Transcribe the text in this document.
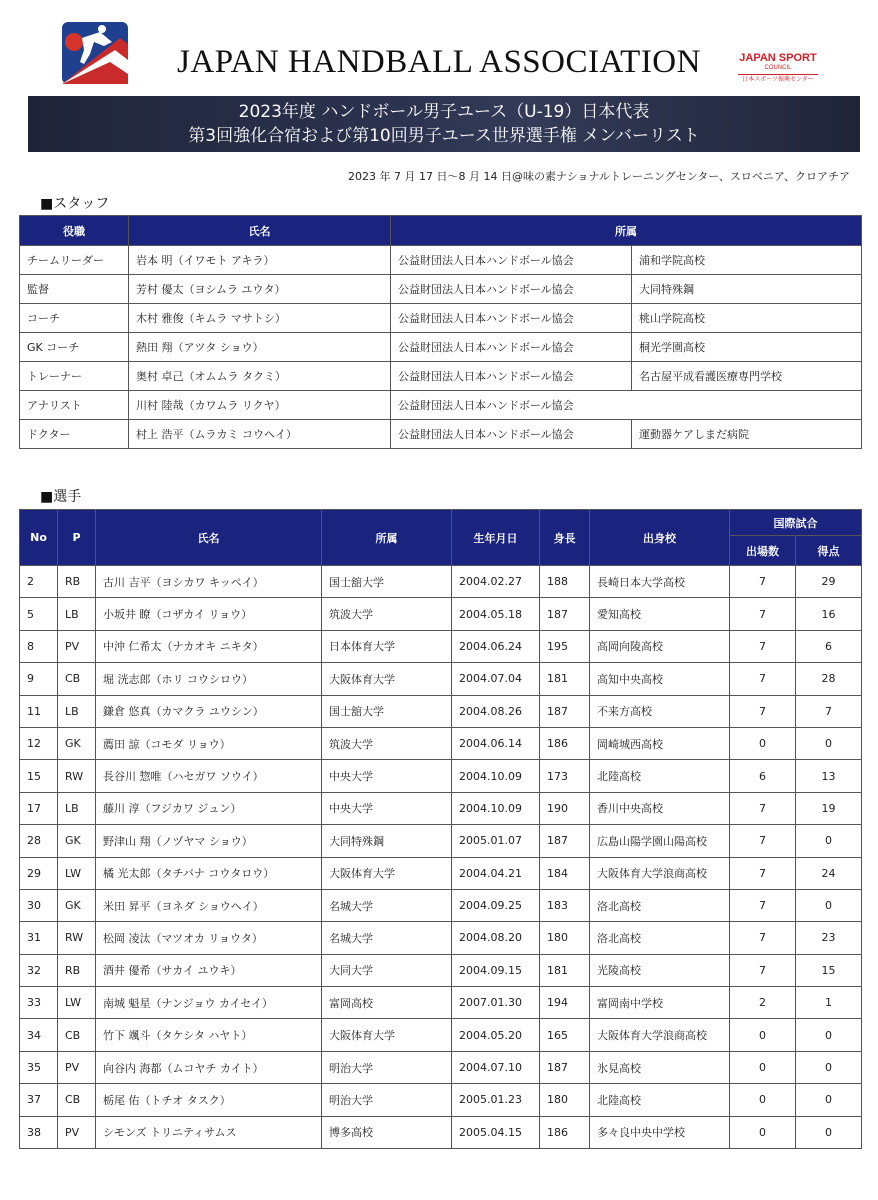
JAPAN HANDBALL ASSOCIATION	JAPAN SPORT
COUNCIL
日本スポーツ振興センター
2023年度 ハンドボール男子ユース（U-19）日本代表
第3回強化合宿および第10回男子ユース世界選手権 メンバーリスト
2023 年 7 月 17 日〜8 月 14 日@味の素ナショナルトレーニングセンター、スロベニア、クロアチア
■スタッフ
役職	氏名	所属	
チームリーダー	岩本 明（イワモト アキラ）	公益財団法人日本ハンドボール協会	浦和学院高校
監督	芳村 優太（ヨシムラ ユウタ）	公益財団法人日本ハンドボール協会	大同特殊鋼
コーチ	木村 雅俊（キムラ マサトシ）	公益財団法人日本ハンドボール協会	桃山学院高校
GK コーチ	熱田 翔（アツタ ショウ）	公益財団法人日本ハンドボール協会	桐光学園高校
トレーナー	奥村 卓己（オムムラ タクミ）	公益財団法人日本ハンドボール協会	名古屋平成看護医療専門学校
アナリスト	川村 陸哉（カワムラ リクヤ）	公益財団法人日本ハンドボール協会	
ドクター	村上 浩平（ムラカミ コウヘイ）	公益財団法人日本ハンドボール協会	運動器ケアしまだ病院
■選手
No	P	氏名	所属	生年月日	身長	出身校	国際試合	
							出場数	得点
2	RB	古川 吉平（ヨシカワ キッペイ）	国士舘大学	2004.02.27	188	長崎日本大学高校	7	29
5	LB	小坂井 瞭（コザカイ リョウ）	筑波大学	2004.05.18	187	愛知高校	7	16
8	PV	中沖 仁希太（ナカオキ ニキタ）	日本体育大学	2004.06.24	195	高岡向陵高校	7	6
9	CB	堀 洸志郎（ホリ コウシロウ）	大阪体育大学	2004.07.04	181	高知中央高校	7	28
11	LB	鎌倉 悠真（カマクラ ユウシン）	国士舘大学	2004.08.26	187	不来方高校	7	7
12	GK	薦田 諒（コモダ リョウ）	筑波大学	2004.06.14	186	岡崎城西高校	0	0
15	RW	長谷川 惣唯（ハセガワ ソウイ）	中央大学	2004.10.09	173	北陸高校	6	13
17	LB	藤川 淳（フジカワ ジュン）	中央大学	2004.10.09	190	香川中央高校	7	19
28	GK	野津山 翔（ノヅヤマ ショウ）	大同特殊鋼	2005.01.07	187	広島山陽学園山陽高校	7	0
29	LW	橘 光太郎（タチバナ コウタロウ）	大阪体育大学	2004.04.21	184	大阪体育大学浪商高校	7	24
30	GK	米田 昇平（ヨネダ ショウヘイ）	名城大学	2004.09.25	183	洛北高校	7	0
31	RW	松岡 凌汰（マツオカ リョウタ）	名城大学	2004.08.20	180	洛北高校	7	23
32	RB	酒井 優希（サカイ ユウキ）	大同大学	2004.09.15	181	光陵高校	7	15
33	LW	南城 魁星（ナンジョウ カイセイ）	富岡高校	2007.01.30	194	富岡南中学校	2	1
34	CB	竹下 颯斗（タケシタ ハヤト）	大阪体育大学	2004.05.20	165	大阪体育大学浪商高校	0	0
35	PV	向谷内 海都（ムコヤチ カイト）	明治大学	2004.07.10	187	氷見高校	0	0
37	CB	栃尾 佑（トチオ タスク）	明治大学	2005.01.23	180	北陸高校	0	0
38	PV	シモンズ トリニティサムス	博多高校	2005.04.15	186	多々良中央中学校	0	0
